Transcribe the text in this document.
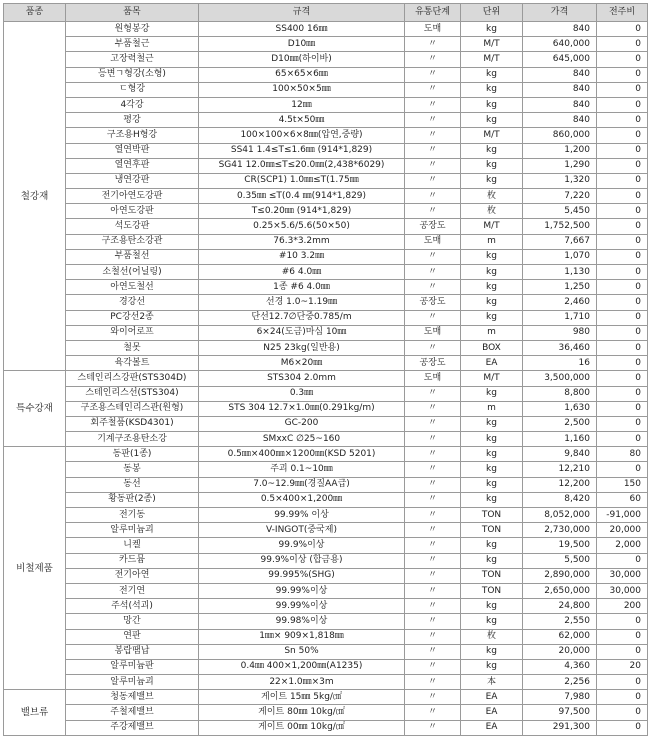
품종	품목	규격	유통단계	단위	가격	전주비
철강재	원형봉강	SS400 16㎜	도매	kg	840	0
	부품철근	D10㎜	〃	M/T	640,000	0
	고장력철근	D10㎜(하이바)	〃	M/T	645,000	0
	등변ㄱ형강(소형)	65×65×6㎜	〃	kg	840	0
	ㄷ형강	100×50×5㎜	〃	kg	840	0
	4각강	12㎜	〃	kg	840	0
	평강	4.5t×50㎜	〃	kg	840	0
	구조용H형강	100×100×6×8㎜(압연,중량)	〃	M/T	860,000	0
	열연박판	SS41 1.4≤T≤1.6㎜ (914*1,829)	〃	kg	1,200	0
	열연후판	SG41 12.0㎜≤T≤20.0㎜(2,438*6029)	〃	kg	1,290	0
	냉연강판	CR(SCP1) 1.0㎜≤T(1.75㎜	〃	kg	1,320	0
	전기아연도강판	0.35㎜ ≤T(0.4 ㎜(914*1,829)	〃	枚	7,220	0
	아연도강판	T≤0.20㎜ (914*1,829)	〃	枚	5,450	0
	석도강판	0.25×5.6/5.6(50×50)	공장도	M/T	1,752,500	0
	구조용탄소강관	76.3*3.2mm	도매	m	7,667	0
	부품철선	#10 3.2㎜	〃	kg	1,070	0
	소철선(어닐링)	#6 4.0㎜	〃	kg	1,130	0
	아연도철선	1종 #6 4.0㎜	〃	kg	1,250	0
	경강선	선경 1.0~1.19㎜	공장도	kg	2,460	0
	PC강선2종	단선12.7∅단중0.785/m	〃	kg	1,710	0
	와이어로프	6×24(도금)마심 10㎜	도매	m	980	0
	철못	N25 23kg(일반용)	〃	BOX	36,460	0
	육각볼트	M6×20㎜	공장도	EA	16	0
특수강재	스테인리스강판(STS304D)	STS304 2.0mm	도매	M/T	3,500,000	0
	스테인리스선(STS304)	0.3㎜	〃	kg	8,800	0
	구조용스테인리스관(원형)	STS 304 12.7×1.0㎜(0.291kg/m)	〃	m	1,630	0
	회주철품(KSD4301)	GC-200	〃	kg	2,500	0
	기계구조용탄소강	SMxxC ∅25~160	〃	kg	1,160	0
비철제품	동판(1종)	0.5㎜×400㎜×1200㎜(KSD 5201)	〃	kg	9,840	80
	동봉	주괴 0.1~10㎜	〃	kg	12,210	0
	동선	7.0~12.9㎜(경질AA급)	〃	kg	12,200	150
	황동판(2종)	0.5×400×1,200㎜	〃	kg	8,420	60
	전기동	99.99% 이상	〃	TON	8,052,000	-91,000
	알루미늄괴	V-INGOT(중국제)	〃	TON	2,730,000	20,000
	니켈	99.9%이상	〃	kg	19,500	2,000
	카드뮴	99.9%이상 (합금용)	〃	kg	5,500	0
	전기아연	99.995%(SHG)	〃	TON	2,890,000	30,000
	전기연	99.99%이상	〃	TON	2,650,000	30,000
	주석(석괴)	99.99%이상	〃	kg	24,800	200
	망간	99.98%이상	〃	kg	2,550	0
	연판	1㎜× 909×1,818㎜	〃	枚	62,000	0
	봉랍땜납	Sn 50%	〃	kg	20,000	0
	알루미늄판	0.4㎜ 400×1,200㎜(A1235)	〃	kg	4,360	20
	알루미늄괴	22×1.0㎜×3m	〃	本	2,256	0
밸브류	청동제밸브	게이트 15㎜ 5kg/㎠	〃	EA	7,980	0
	주철제밸브	게이트 80㎜ 10kg/㎠	〃	EA	97,500	0
	주강제밸브	게이트 00㎜ 10kg/㎠	〃	EA	291,300	0
